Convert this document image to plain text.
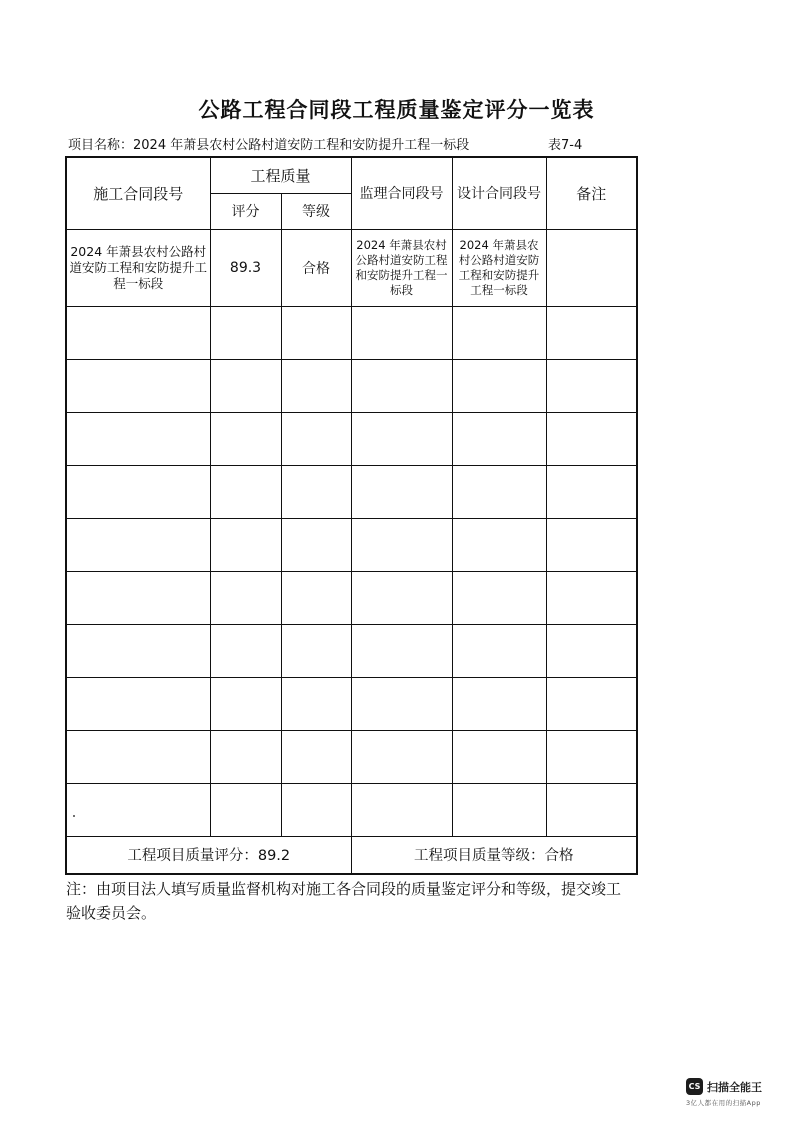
公路工程合同段工程质量鉴定评分一览表
项目名称：2024 年萧县农村公路村道安防工程和安防提升工程一标段	表7-4
施工合同段号	工程质量		监理合同段号	设计合同段号	备注
	评分	等级			
2024 年萧县农村公路村道安防工程和安防提升工程一标段	89.3	合格	2024 年萧县农村公路村道安防工程和安防提升工程一标段	2024 年萧县农村公路村道安防工程和安防提升工程一标段	

工程项目质量评分：89.2			工程项目质量等级：合格		
注：由项目法人填写质量监督机构对施工各合同段的质量鉴定评分和等级，提交竣工验收委员会。
CS 扫描全能王
3亿人都在用的扫描App
